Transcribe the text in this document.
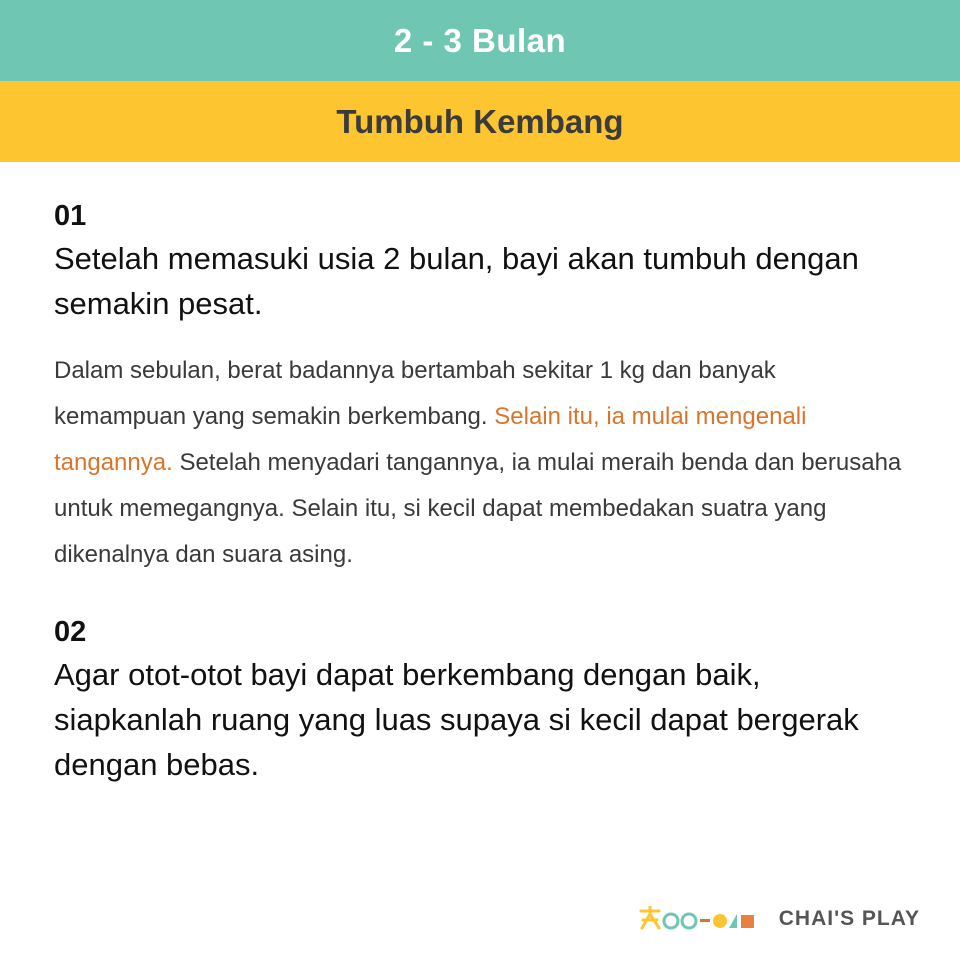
2 - 3 Bulan
Tumbuh Kembang

01

Setelah memasuki usia 2 bulan, bayi akan tumbuh dengan semakin pesat.

Dalam sebulan, berat badannya bertambah sekitar 1 kg dan banyak kemampuan yang semakin berkembang. Selain itu, ia mulai mengenali tangannya. Setelah menyadari tangannya, ia mulai meraih benda dan berusaha untuk memegangnya. Selain itu, si kecil dapat membedakan suatra yang dikenalnya dan suara asing.

02

Agar otot-otot bayi dapat berkembang dengan baik, siapkanlah ruang yang luas supaya si kecil dapat bergerak dengan bebas.

CHAI'S PLAY
